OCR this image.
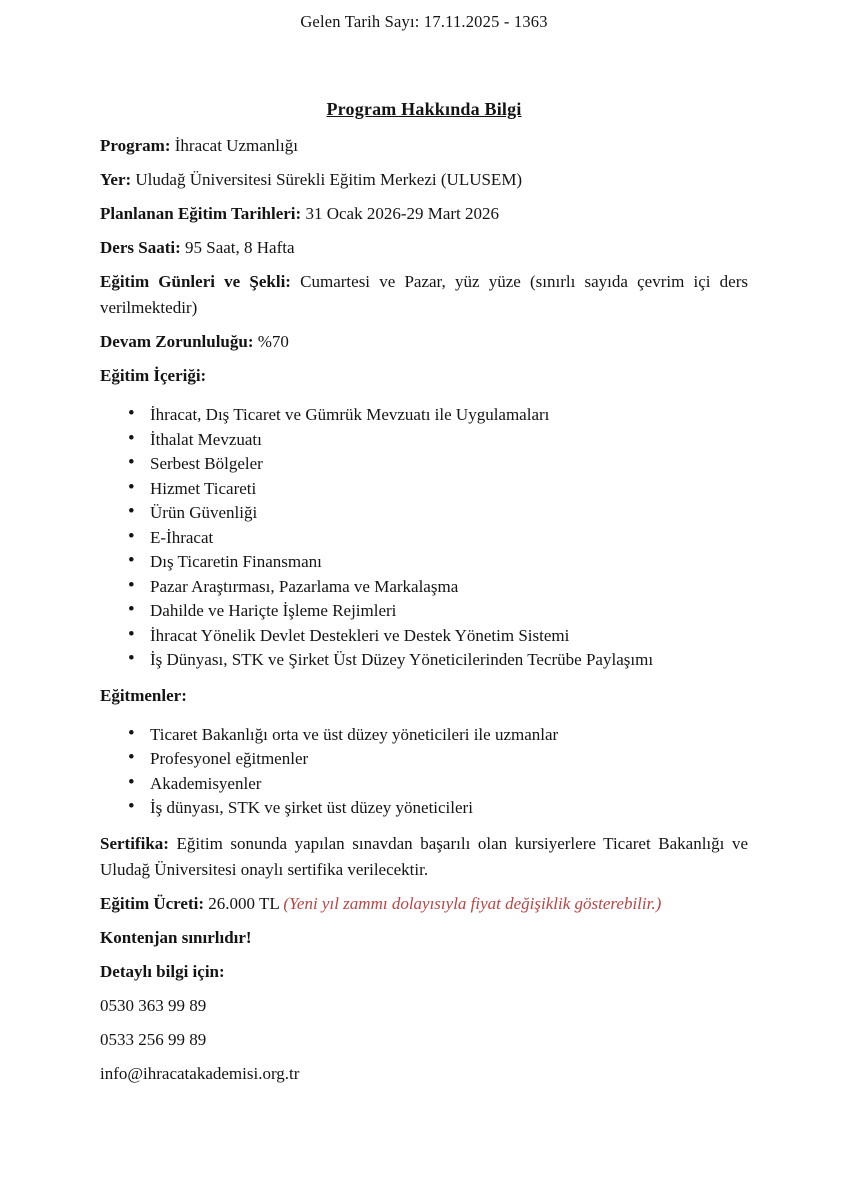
Gelen Tarih Sayı: 17.11.2025 - 1363
Program Hakkında Bilgi

Program: İhracat Uzmanlığı

Yer: Uludağ Üniversitesi Sürekli Eğitim Merkezi (ULUSEM)

Planlanan Eğitim Tarihleri: 31 Ocak 2026-29 Mart 2026

Ders Saati: 95 Saat, 8 Hafta

Eğitim Günleri ve Şekli: Cumartesi ve Pazar, yüz yüze (sınırlı sayıda çevrim içi ders verilmektedir)

Devam Zorunluluğu: %70

Eğitim İçeriği:

• İhracat, Dış Ticaret ve Gümrük Mevzuatı ile Uygulamaları
• İthalat Mevzuatı
• Serbest Bölgeler
• Hizmet Ticareti
• Ürün Güvenliği
• E-İhracat
• Dış Ticaretin Finansmanı
• Pazar Araştırması, Pazarlama ve Markalaşma
• Dahilde ve Hariçte İşleme Rejimleri
• İhracat Yönelik Devlet Destekleri ve Destek Yönetim Sistemi
• İş Dünyası, STK ve Şirket Üst Düzey Yöneticilerinden Tecrübe Paylaşımı

Eğitmenler:

• Ticaret Bakanlığı orta ve üst düzey yöneticileri ile uzmanlar
• Profesyonel eğitmenler
• Akademisyenler
• İş dünyası, STK ve şirket üst düzey yöneticileri

Sertifika: Eğitim sonunda yapılan sınavdan başarılı olan kursiyerlere Ticaret Bakanlığı ve Uludağ Üniversitesi onaylı sertifika verilecektir.

Eğitim Ücreti: 26.000 TL (Yeni yıl zammı dolayısıyla fiyat değişiklik gösterebilir.)

Kontenjan sınırlıdır!

Detaylı bilgi için:

0530 363 99 89

0533 256 99 89

info@ihracatakademisi.org.tr
